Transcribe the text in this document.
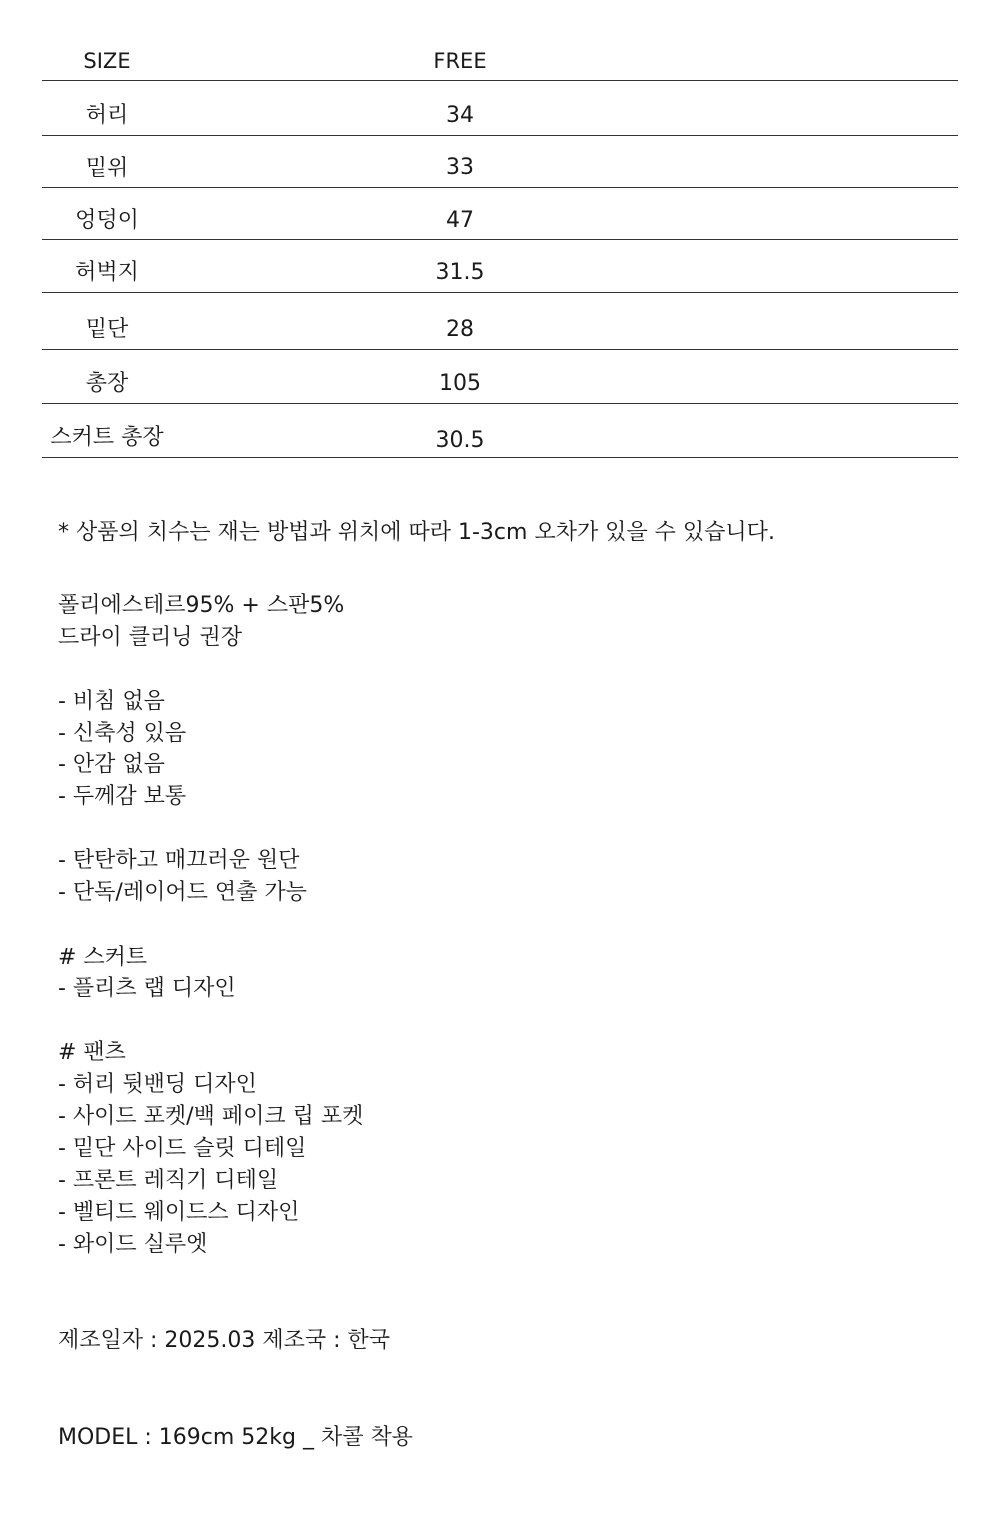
SIZE	FREE
허리	34
밑위	33
엉덩이	47
허벅지	31.5
밑단	28
총장	105
스커트 총장	30.5
* 상품의 치수는 재는 방법과 위치에 따라 1-3cm 오차가 있을 수 있습니다.
폴리에스테르95% + 스판5%
드라이 클리닝 권장
- 비침 없음
- 신축성 있음
- 안감 없음
- 두께감 보통
- 탄탄하고 매끄러운 원단
- 단독/레이어드 연출 가능
# 스커트
- 플리츠 랩 디자인
# 팬츠
- 허리 뒷밴딩 디자인
- 사이드 포켓/백 페이크 립 포켓
- 밑단 사이드 슬릿 디테일
- 프론트 레직기 디테일
- 벨티드 웨이드스 디자인
- 와이드 실루엣
제조일자 : 2025.03 제조국 : 한국
MODEL : 169cm 52kg _ 차콜 착용
